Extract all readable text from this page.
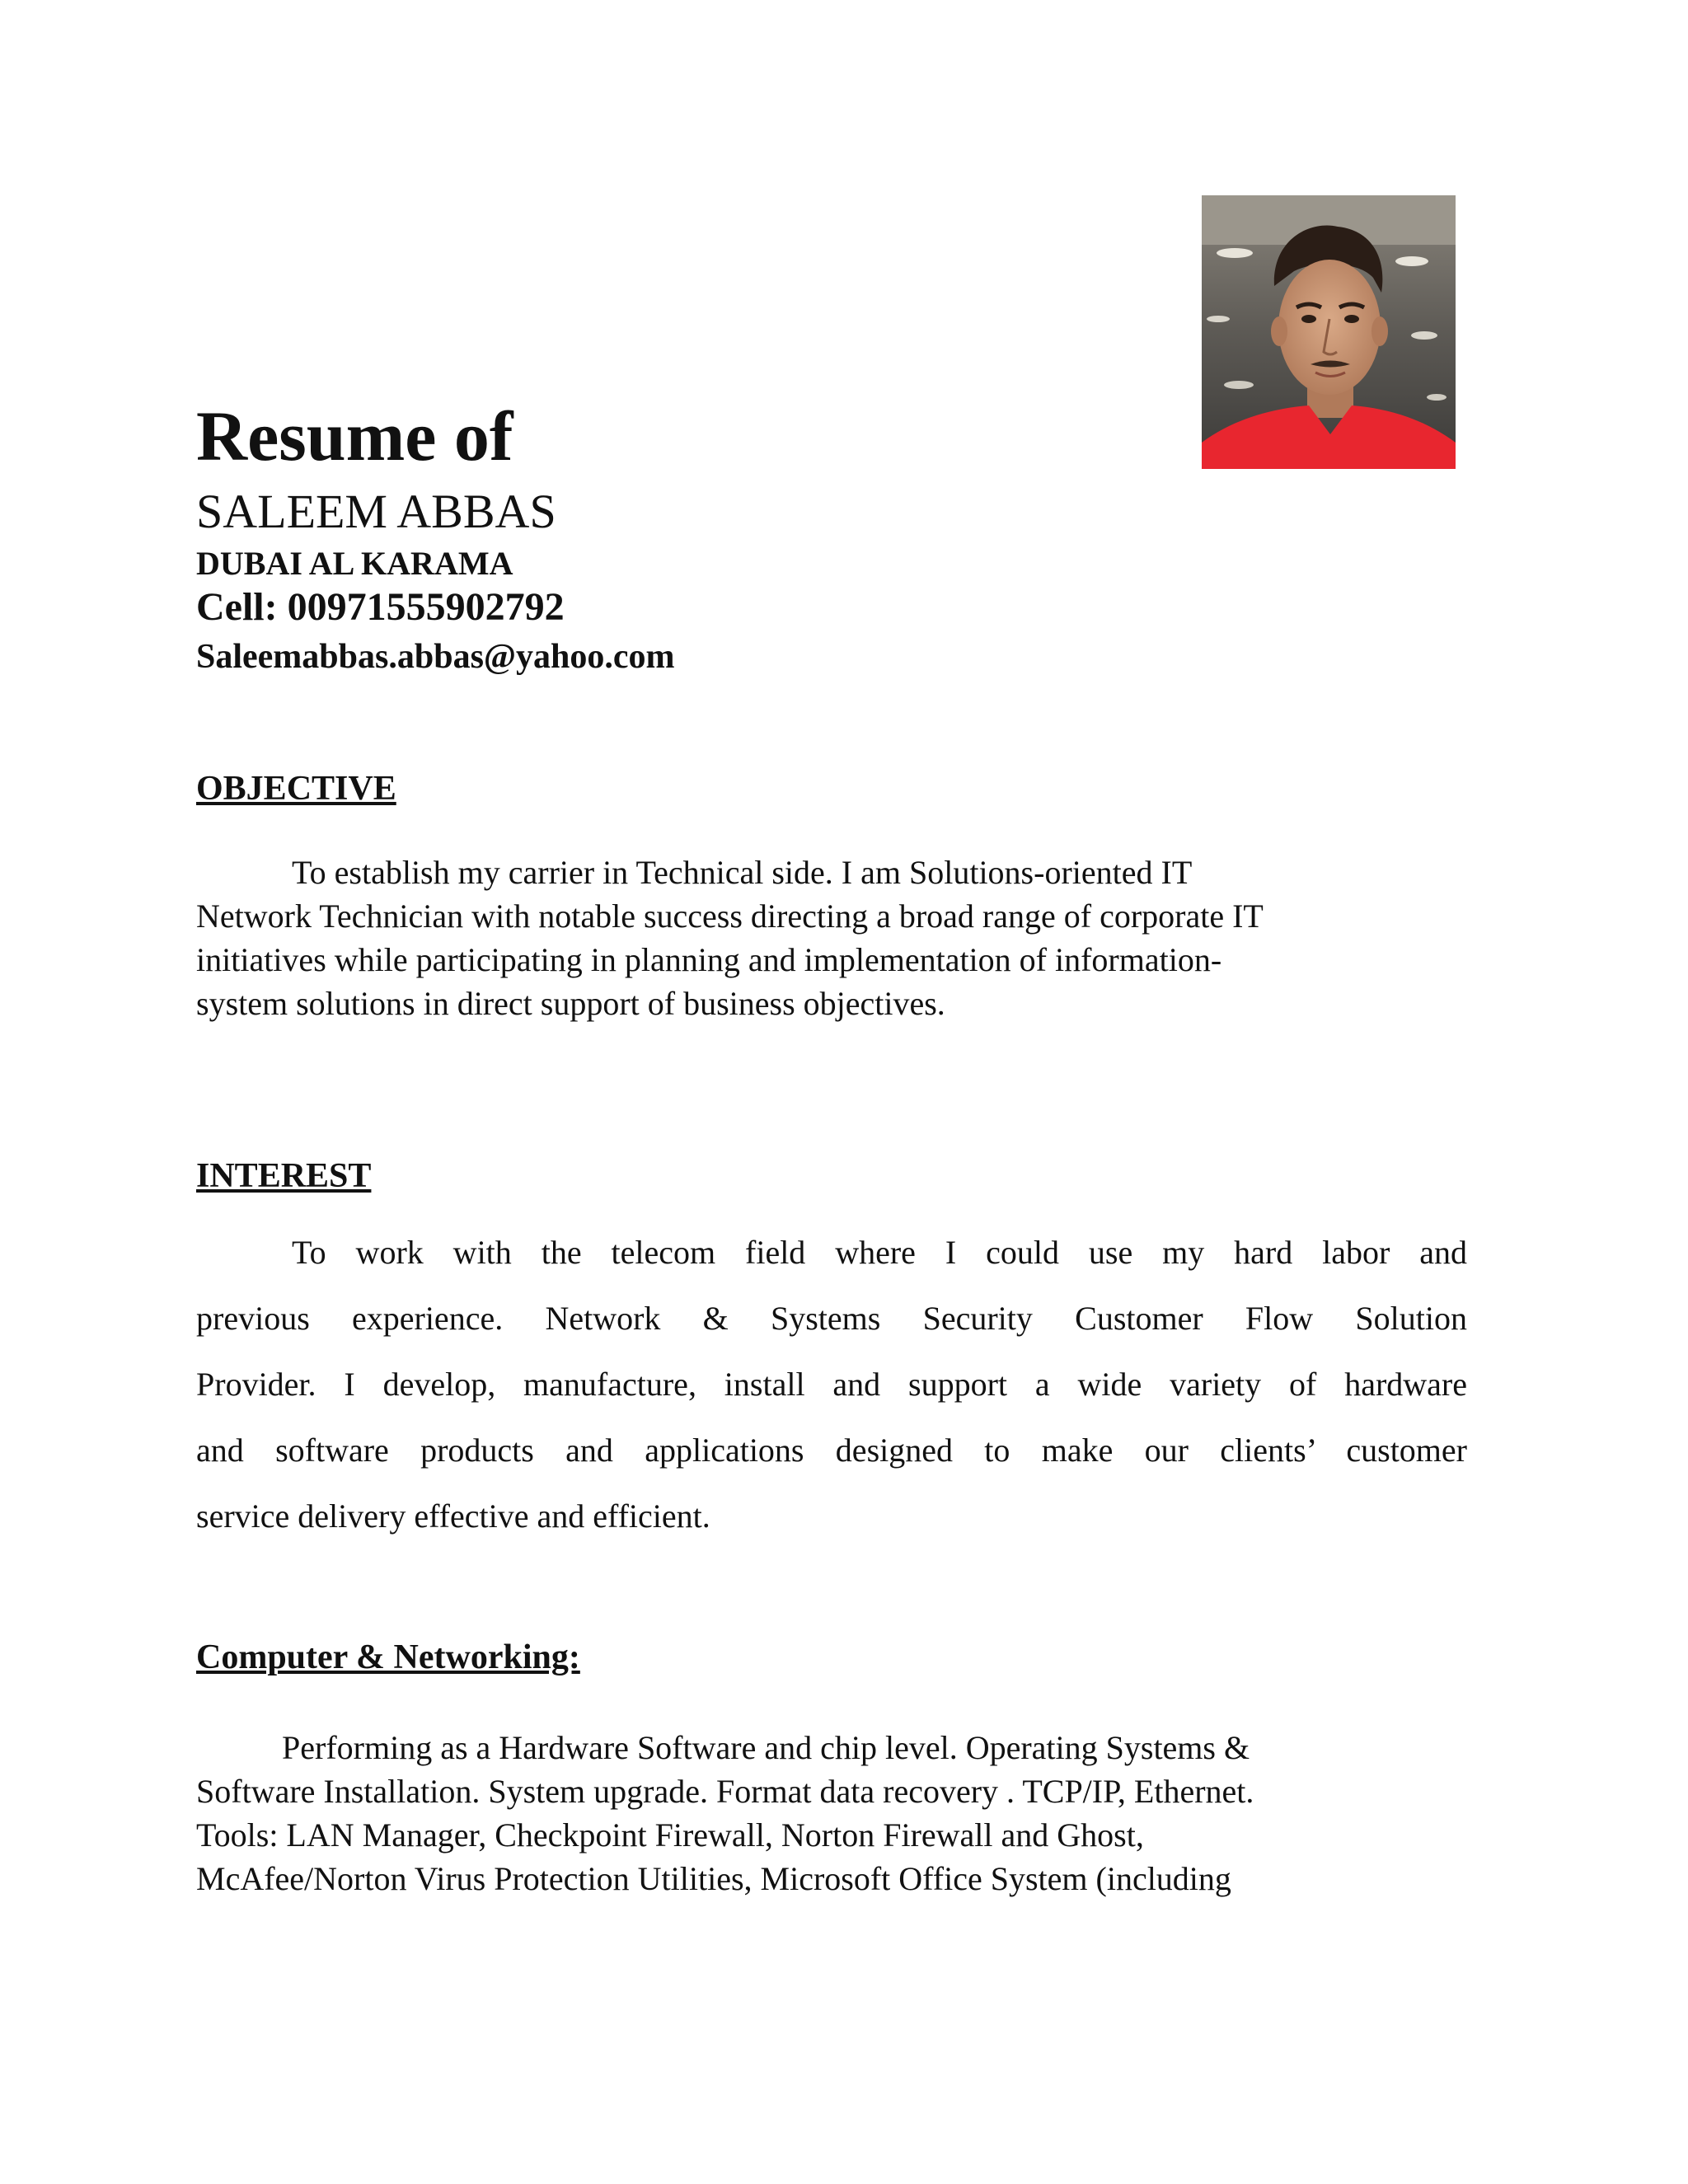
Resume of
SALEEM ABBAS
DUBAI AL KARAMA
Cell: 00971555902792
Saleemabbas.abbas@yahoo.com
OBJECTIVE
To establish my carrier in Technical side. I am Solutions-oriented IT
Network Technician with notable success directing a broad range of corporate IT
initiatives while participating in planning and implementation of information-
system solutions in direct support of business objectives.
INTEREST
To work with the telecom field where I could use my hard labor and
previous experience. Network & Systems Security Customer Flow Solution
Provider. I develop, manufacture, install and support a wide variety of hardware
and software products and applications designed to make our clients’ customer
service delivery effective and efficient.
Computer & Networking:
Performing as a Hardware Software and chip level. Operating Systems &
Software Installation. System upgrade. Format data recovery . TCP/IP, Ethernet.
Tools: LAN Manager, Checkpoint Firewall, Norton Firewall and Ghost,
McAfee/Norton Virus Protection Utilities, Microsoft Office System (including
